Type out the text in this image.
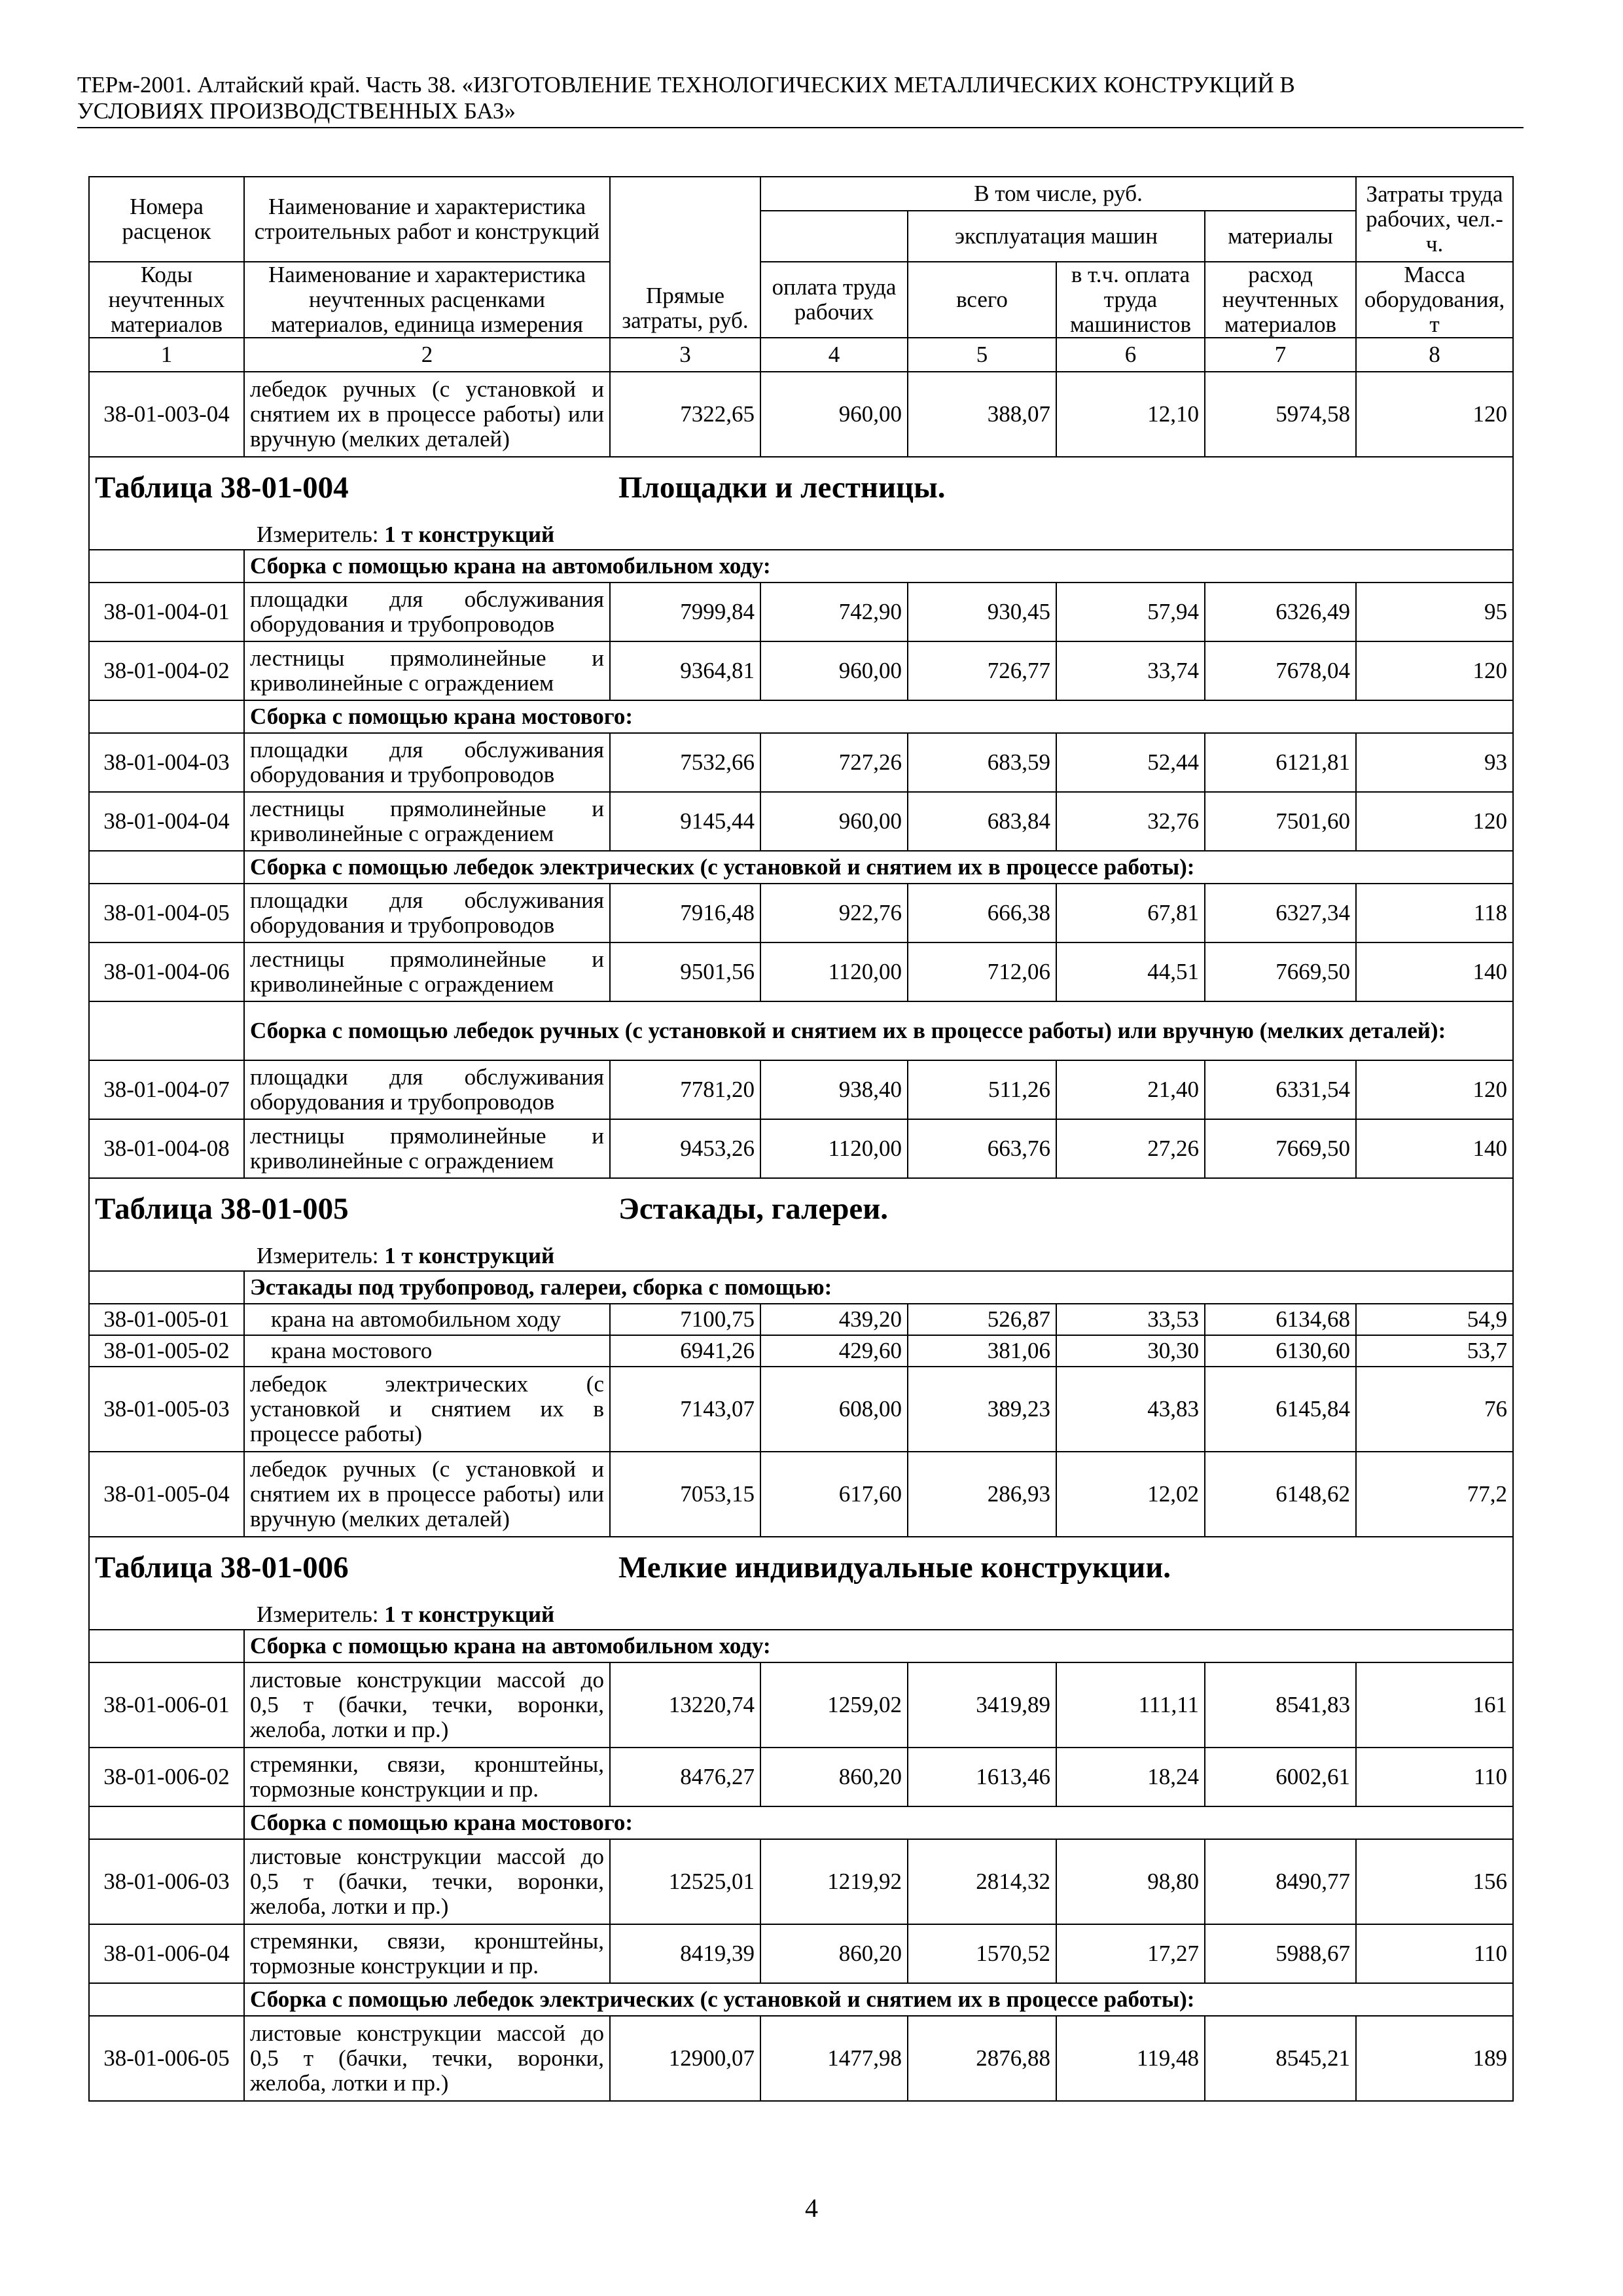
ТЕРм-2001. Алтайский край. Часть 38. «ИЗГОТОВЛЕНИЕ ТЕХНОЛОГИЧЕСКИХ МЕТАЛЛИЧЕСКИХ КОНСТРУКЦИЙ В
УСЛОВИЯХ ПРОИЗВОДСТВЕННЫХ БАЗ»
Номера расценок	Наименование и характеристика строительных работ и конструкций	Прямые затраты, руб.	В том числе, руб.				Затраты труда рабочих, чел.-ч.
				эксплуатация машин		материалы	
Коды неучтенных материалов	Наименование и характеристика неучтенных расценками материалов, единица измерения		оплата труда рабочих	всего	в т.ч. оплата труда машинистов	расход неучтенных материалов	Масса оборудования, т
1	2	3	4	5	6	7	8
38-01-003-04	лебедок ручных (с установкой и снятием их в процессе работы) или вручную (мелких деталей)	7322,65	960,00	388,07	12,10	5974,58	120
Таблица 38-01-004 Площадки и лестницы.							
Измеритель: 1 т конструкций							
	Сборка с помощью крана на автомобильном ходу:						
38-01-004-01	площадки для обслуживания оборудования и трубопроводов	7999,84	742,90	930,45	57,94	6326,49	95
38-01-004-02	лестницы прямолинейные и криволинейные с ограждением	9364,81	960,00	726,77	33,74	7678,04	120
	Сборка с помощью крана мостового:						
38-01-004-03	площадки для обслуживания оборудования и трубопроводов	7532,66	727,26	683,59	52,44	6121,81	93
38-01-004-04	лестницы прямолинейные и криволинейные с ограждением	9145,44	960,00	683,84	32,76	7501,60	120
	Сборка с помощью лебедок электрических (с установкой и снятием их в процессе работы):						
38-01-004-05	площадки для обслуживания оборудования и трубопроводов	7916,48	922,76	666,38	67,81	6327,34	118
38-01-004-06	лестницы прямолинейные и криволинейные с ограждением	9501,56	1120,00	712,06	44,51	7669,50	140
	Сборка с помощью лебедок ручных (с установкой и снятием их в процессе работы) или вручную (мелких деталей):						
38-01-004-07	площадки для обслуживания оборудования и трубопроводов	7781,20	938,40	511,26	21,40	6331,54	120
38-01-004-08	лестницы прямолинейные и криволинейные с ограждением	9453,26	1120,00	663,76	27,26	7669,50	140
Таблица 38-01-005 Эстакады, галереи.							
Измеритель: 1 т конструкций							
	Эстакады под трубопровод, галереи, сборка с помощью:						
38-01-005-01	крана на автомобильном ходу	7100,75	439,20	526,87	33,53	6134,68	54,9
38-01-005-02	крана мостового	6941,26	429,60	381,06	30,30	6130,60	53,7
38-01-005-03	лебедок электрических (с установкой и снятием их в процессе работы)	7143,07	608,00	389,23	43,83	6145,84	76
38-01-005-04	лебедок ручных (с установкой и снятием их в процессе работы) или вручную (мелких деталей)	7053,15	617,60	286,93	12,02	6148,62	77,2
Таблица 38-01-006 Мелкие индивидуальные конструкции.							
Измеритель: 1 т конструкций							
	Сборка с помощью крана на автомобильном ходу:						
38-01-006-01	листовые конструкции массой до 0,5 т (бачки, течки, воронки, желоба, лотки и пр.)	13220,74	1259,02	3419,89	111,11	8541,83	161
38-01-006-02	стремянки, связи, кронштейны, тормозные конструкции и пр.	8476,27	860,20	1613,46	18,24	6002,61	110
	Сборка с помощью крана мостового:						
38-01-006-03	листовые конструкции массой до 0,5 т (бачки, течки, воронки, желоба, лотки и пр.)	12525,01	1219,92	2814,32	98,80	8490,77	156
38-01-006-04	стремянки, связи, кронштейны, тормозные конструкции и пр.	8419,39	860,20	1570,52	17,27	5988,67	110
	Сборка с помощью лебедок электрических (с установкой и снятием их в процессе работы):						
38-01-006-05	листовые конструкции массой до 0,5 т (бачки, течки, воронки, желоба, лотки и пр.)	12900,07	1477,98	2876,88	119,48	8545,21	189
4
